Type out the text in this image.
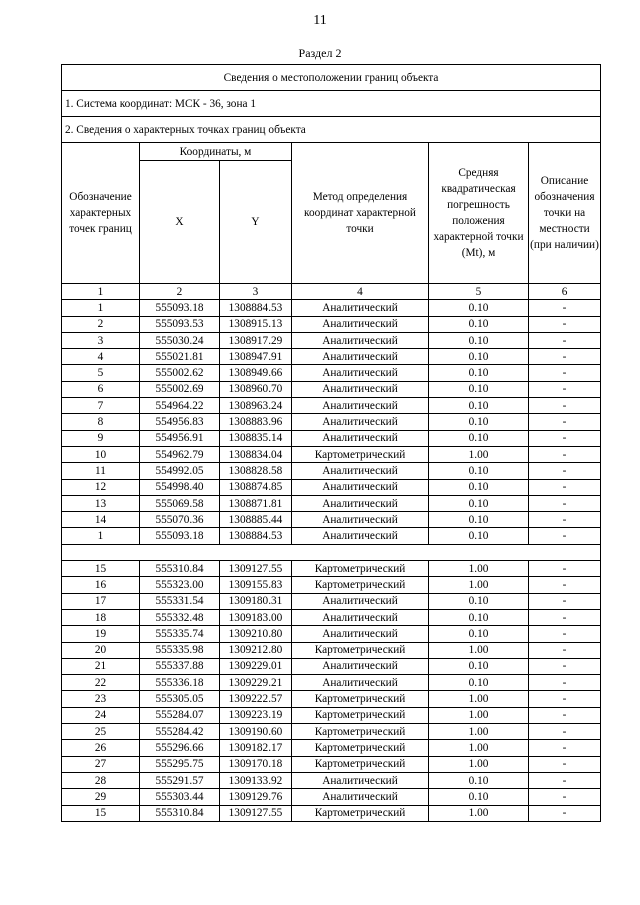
11
Раздел 2
Сведения о местоположении границ объекта					
1. Система координат: МСК - 36, зона 1					
2. Сведения о характерных точках границ объекта					
Обозначение характерных точек границ	Координаты, м		Метод определения координат характерной точки	Средняя квадратическая погрешность положения характерной точки (Mt), м	Описание обозначения точки на местности (при наличии)
	X	Y			
1	2	3	4	5	6
1	555093.18	1308884.53	Аналитический	0.10	-
2	555093.53	1308915.13	Аналитический	0.10	-
3	555030.24	1308917.29	Аналитический	0.10	-
4	555021.81	1308947.91	Аналитический	0.10	-
5	555002.62	1308949.66	Аналитический	0.10	-
6	555002.69	1308960.70	Аналитический	0.10	-
7	554964.22	1308963.24	Аналитический	0.10	-
8	554956.83	1308883.96	Аналитический	0.10	-
9	554956.91	1308835.14	Аналитический	0.10	-
10	554962.79	1308834.04	Картометрический	1.00	-
11	554992.05	1308828.58	Аналитический	0.10	-
12	554998.40	1308874.85	Аналитический	0.10	-
13	555069.58	1308871.81	Аналитический	0.10	-
14	555070.36	1308885.44	Аналитический	0.10	-
1	555093.18	1308884.53	Аналитический	0.10	-

15	555310.84	1309127.55	Картометрический	1.00	-
16	555323.00	1309155.83	Картометрический	1.00	-
17	555331.54	1309180.31	Аналитический	0.10	-
18	555332.48	1309183.00	Аналитический	0.10	-
19	555335.74	1309210.80	Аналитический	0.10	-
20	555335.98	1309212.80	Картометрический	1.00	-
21	555337.88	1309229.01	Аналитический	0.10	-
22	555336.18	1309229.21	Аналитический	0.10	-
23	555305.05	1309222.57	Картометрический	1.00	-
24	555284.07	1309223.19	Картометрический	1.00	-
25	555284.42	1309190.60	Картометрический	1.00	-
26	555296.66	1309182.17	Картометрический	1.00	-
27	555295.75	1309170.18	Картометрический	1.00	-
28	555291.57	1309133.92	Аналитический	0.10	-
29	555303.44	1309129.76	Аналитический	0.10	-
15	555310.84	1309127.55	Картометрический	1.00	-
